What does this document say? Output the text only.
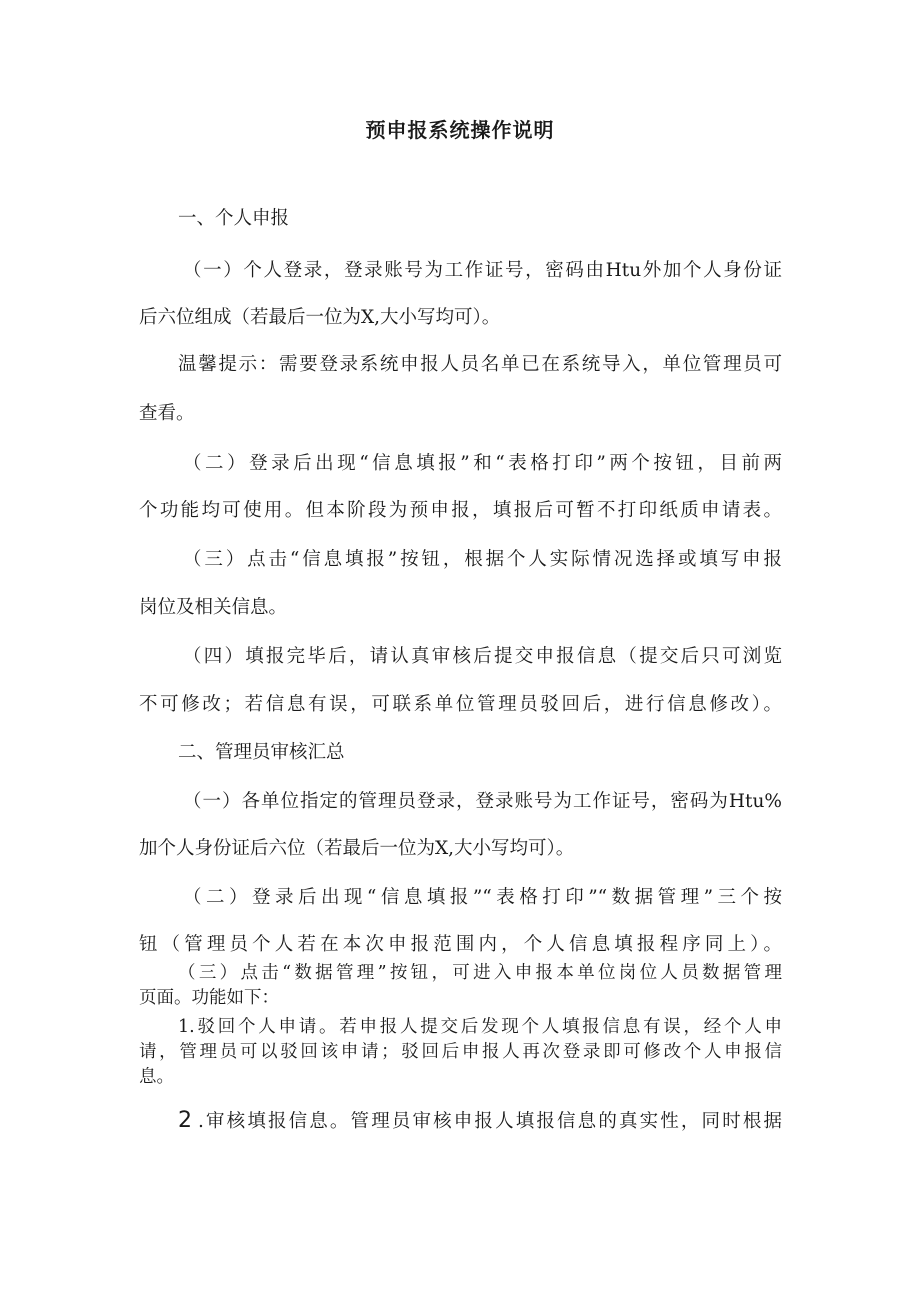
预申报系统操作说明
一、个人申报
（一）个人登录，登录账号为工作证号，密码由Htu外加个人身份证
后六位组成（若最后一位为X,大小写均可）。
温馨提示：需要登录系统申报人员名单已在系统导入，单位管理员可
查看。
（二）登录后出现“信息填报”和“表格打印”两个按钮，目前两
个功能均可使用。但本阶段为预申报，填报后可暂不打印纸质申请表。
（三）点击“信息填报”按钮，根据个人实际情况选择或填写申报
岗位及相关信息。
（四）填报完毕后，请认真审核后提交申报信息（提交后只可浏览
不可修改；若信息有误，可联系单位管理员驳回后，进行信息修改）。
二、管理员审核汇总
（一）各单位指定的管理员登录，登录账号为工作证号，密码为Htu%
加个人身份证后六位（若最后一位为X,大小写均可）。
（二）登录后出现“信息填报”“表格打印”“数据管理”三个按
钮（管理员个人若在本次申报范围内，个人信息填报程序同上）。
（三）点击“数据管理”按钮，可进入申报本单位岗位人员数据管理
页面。功能如下：
1.驳回个人申请。若申报人提交后发现个人填报信息有误，经个人申
请，管理员可以驳回该申请；驳回后申报人再次登录即可修改个人申报信
息。
2 .审核填报信息。管理员审核申报人填报信息的真实性，同时根据
